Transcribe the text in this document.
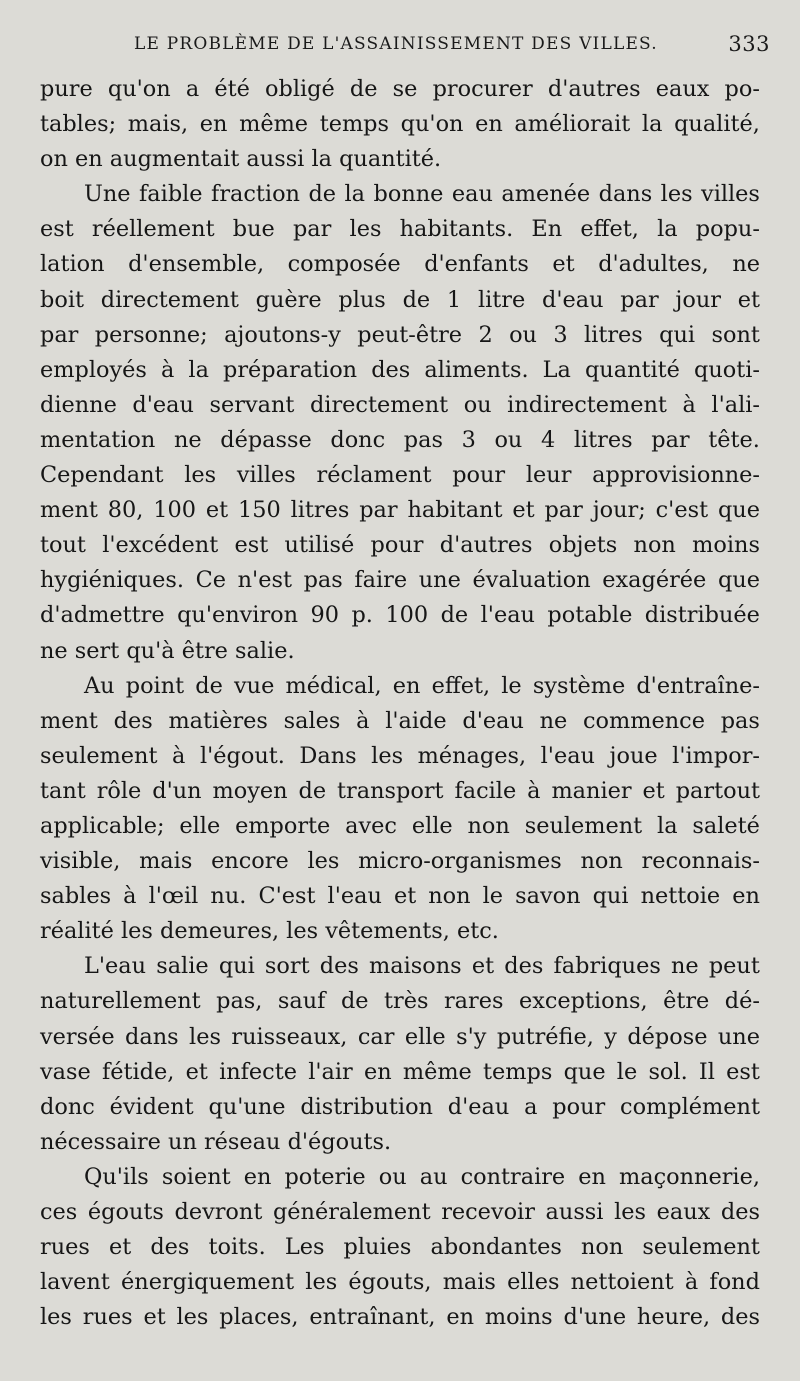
LE PROBLÈME DE L'ASSAINISSEMENT DES VILLES.	333
pure qu'on a été obligé de se procurer d'autres eaux po-
tables; mais, en même temps qu'on en améliorait la qualité,
on en augmentait aussi la quantité.
Une faible fraction de la bonne eau amenée dans les villes
est réellement bue par les habitants. En effet, la popu-
lation d'ensemble, composée d'enfants et d'adultes, ne
boit directement guère plus de 1 litre d'eau par jour et
par personne; ajoutons-y peut-être 2 ou 3 litres qui sont
employés à la préparation des aliments. La quantité quoti-
dienne d'eau servant directement ou indirectement à l'ali-
mentation ne dépasse donc pas 3 ou 4 litres par tête.
Cependant les villes réclament pour leur approvisionne-
ment 80, 100 et 150 litres par habitant et par jour; c'est que
tout l'excédent est utilisé pour d'autres objets non moins
hygiéniques. Ce n'est pas faire une évaluation exagérée que
d'admettre qu'environ 90 p. 100 de l'eau potable distribuée
ne sert qu'à être salie.
Au point de vue médical, en effet, le système d'entraîne-
ment des matières sales à l'aide d'eau ne commence pas
seulement à l'égout. Dans les ménages, l'eau joue l'impor-
tant rôle d'un moyen de transport facile à manier et partout
applicable; elle emporte avec elle non seulement la saleté
visible, mais encore les micro-organismes non reconnais-
sables à l'œil nu. C'est l'eau et non le savon qui nettoie en
réalité les demeures, les vêtements, etc.
L'eau salie qui sort des maisons et des fabriques ne peut
naturellement pas, sauf de très rares exceptions, être dé-
versée dans les ruisseaux, car elle s'y putréfie, y dépose une
vase fétide, et infecte l'air en même temps que le sol. Il est
donc évident qu'une distribution d'eau a pour complément
nécessaire un réseau d'égouts.
Qu'ils soient en poterie ou au contraire en maçonnerie,
ces égouts devront généralement recevoir aussi les eaux des
rues et des toits. Les pluies abondantes non seulement
lavent énergiquement les égouts, mais elles nettoient à fond
les rues et les places, entraînant, en moins d'une heure, des
